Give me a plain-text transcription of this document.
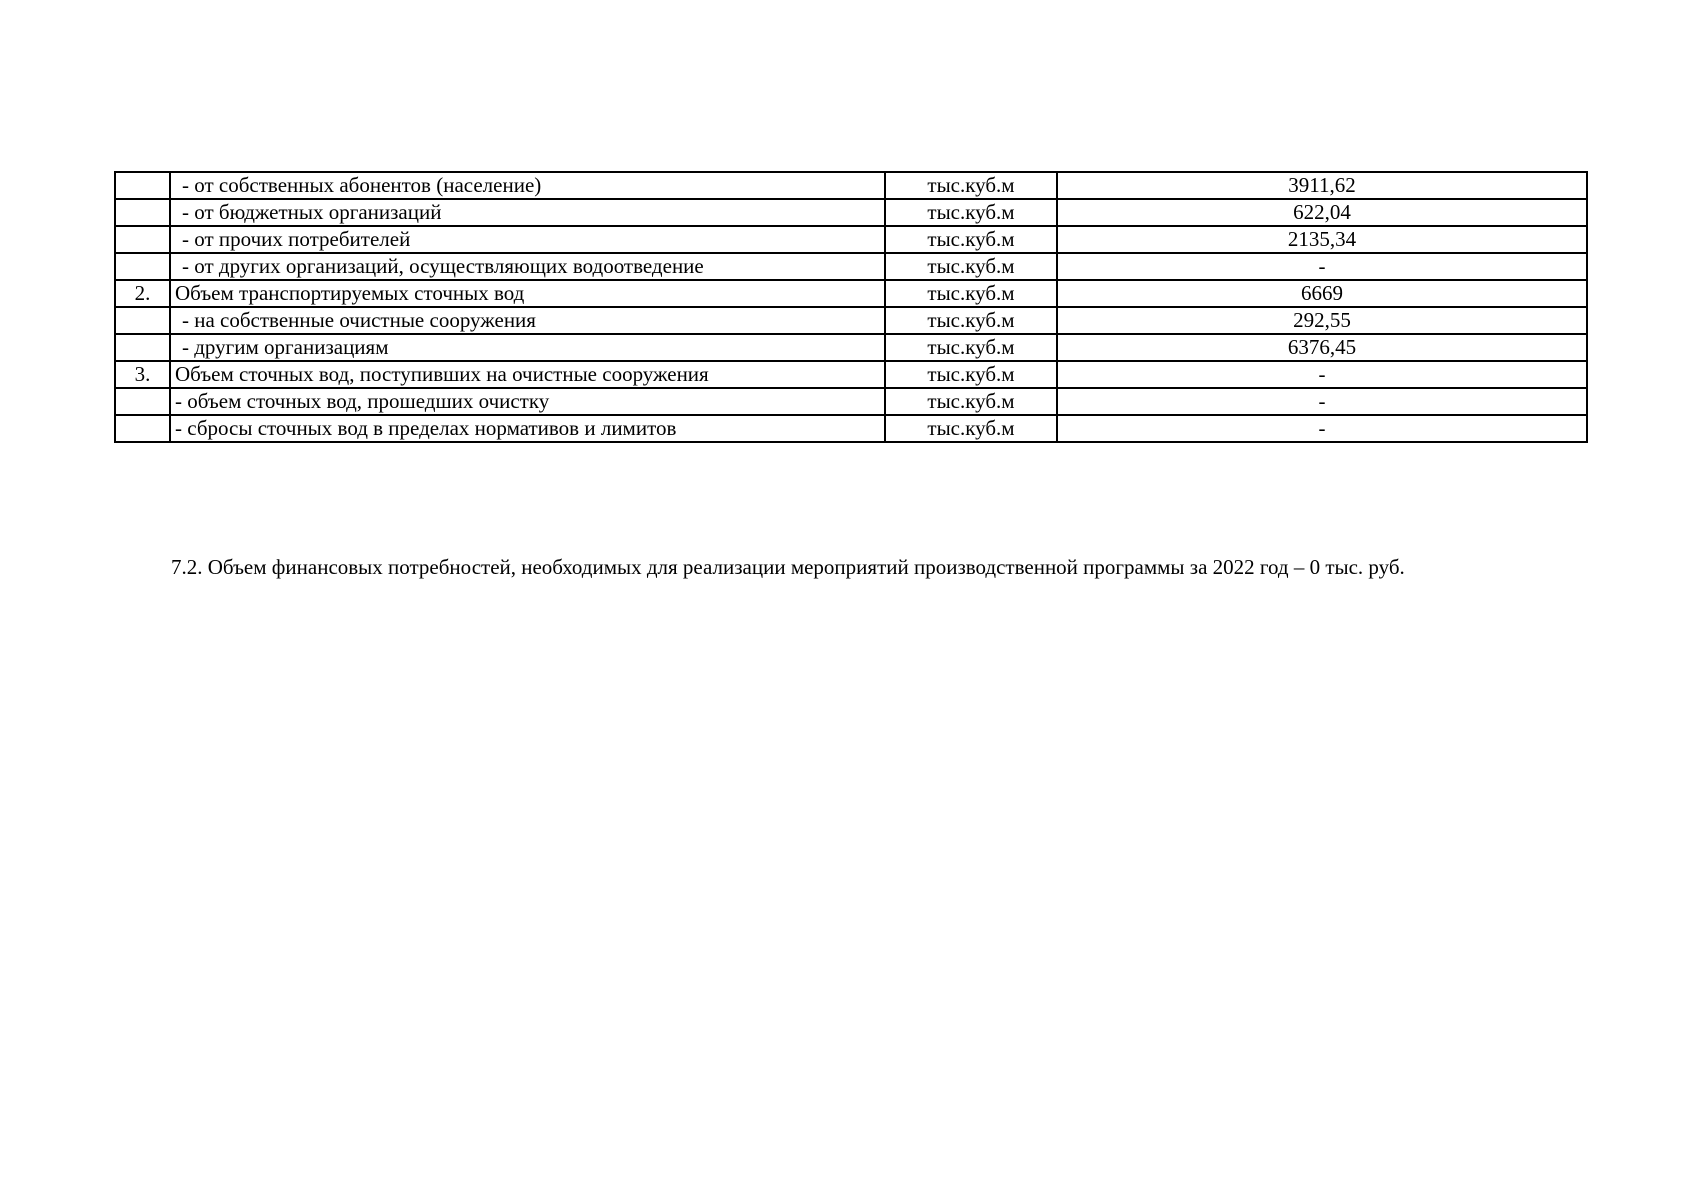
	- от собственных абонентов (население)	тыс.куб.м	3911,62
	- от бюджетных организаций	тыс.куб.м	622,04
	- от прочих потребителей	тыс.куб.м	2135,34
	- от других организаций, осуществляющих водоотведение	тыс.куб.м	-
2.	Объем транспортируемых сточных вод	тыс.куб.м	6669
	- на собственные очистные сооружения	тыс.куб.м	292,55
	- другим организациям	тыс.куб.м	6376,45
3.	Объем сточных вод, поступивших на очистные сооружения	тыс.куб.м	-
	- объем сточных вод, прошедших очистку	тыс.куб.м	-
	- сбросы сточных вод в пределах нормативов и лимитов	тыс.куб.м	-

7.2. Объем финансовых потребностей, необходимых для реализации мероприятий производственной программы за 2022 год – 0 тыс. руб.
